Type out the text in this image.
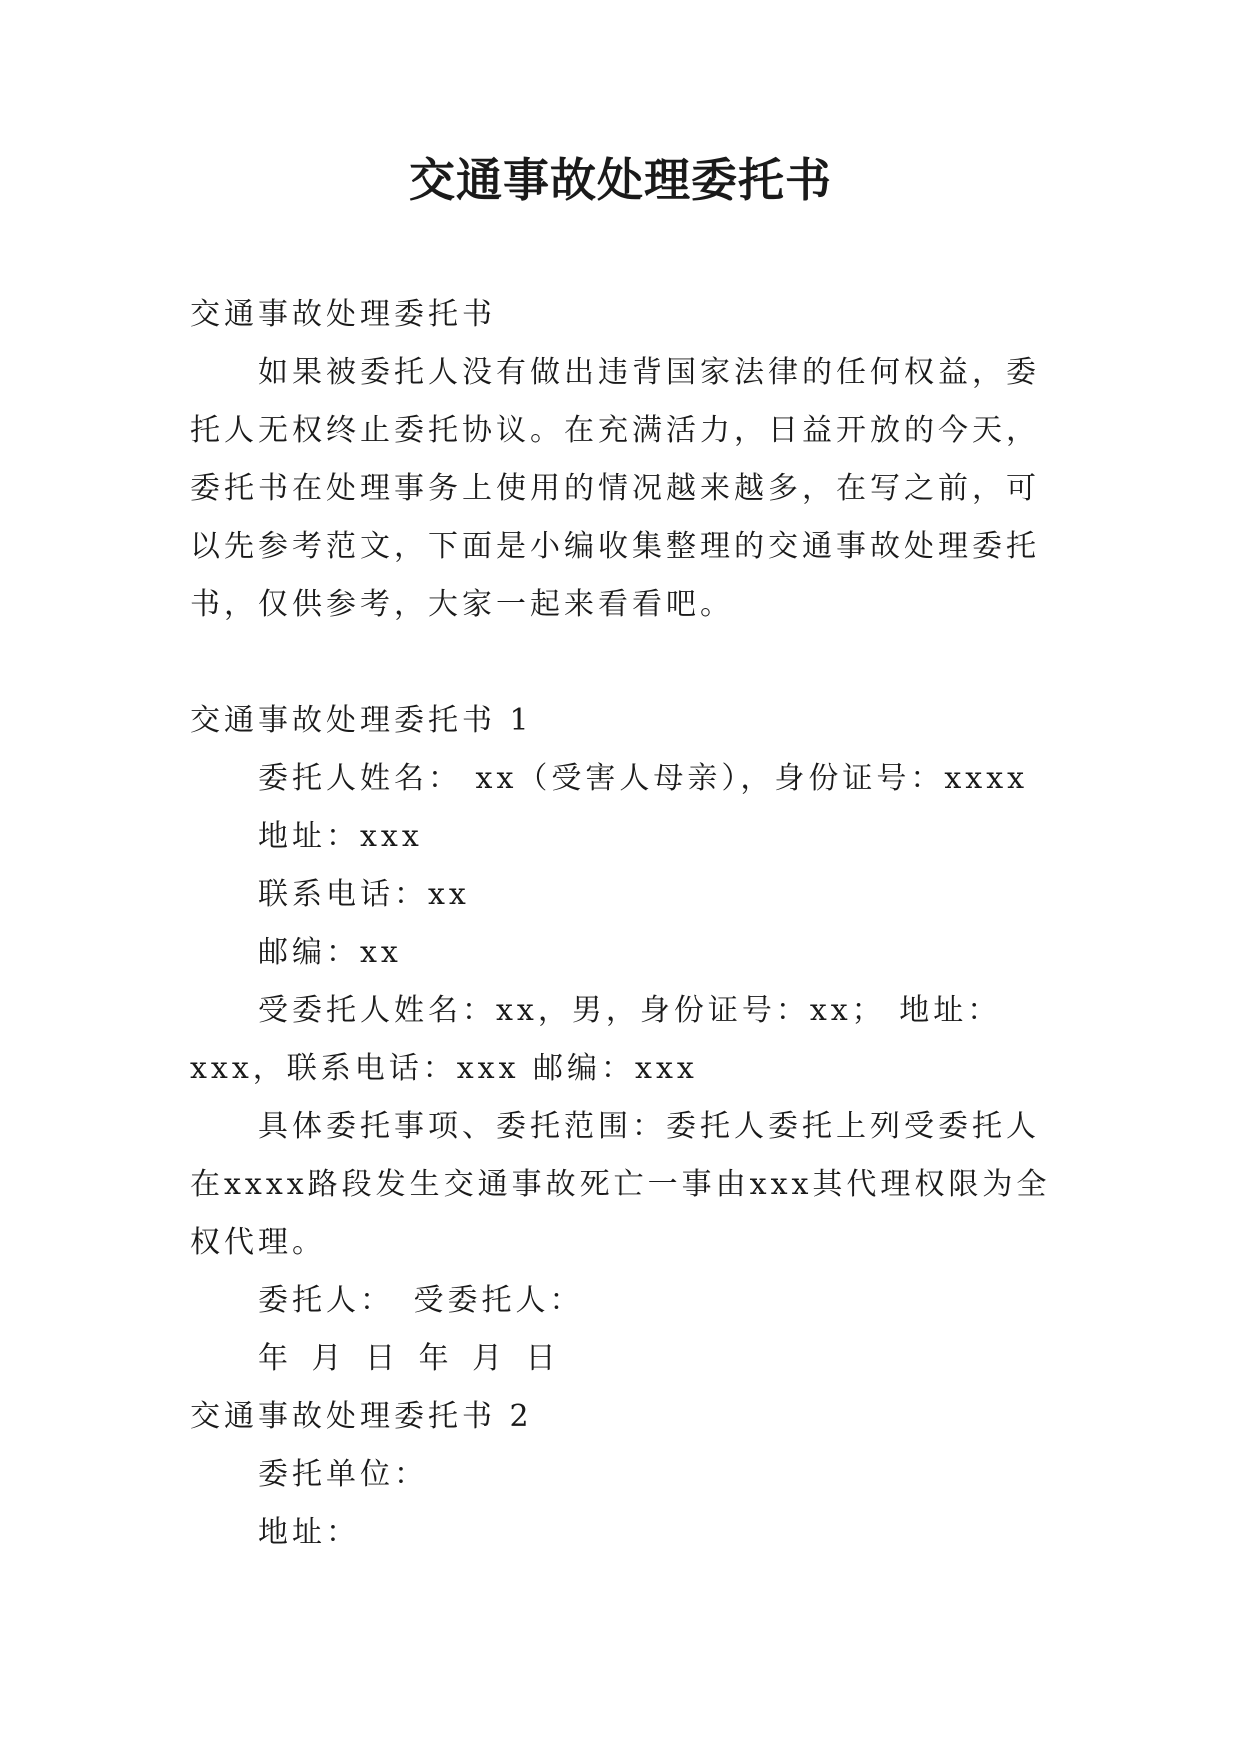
交通事故处理委托书

交通事故处理委托书

如果被委托人没有做出违背国家法律的任何权益，委托人无权终止委托协议。在充满活力，日益开放的今天，委托书在处理事务上使用的情况越来越多，在写之前，可以先参考范文，下面是小编收集整理的交通事故处理委托书，仅供参考，大家一起来看看吧。

交通事故处理委托书 1

委托人姓名： xx（受害人母亲），身份证号：xxxx

地址：xxx

联系电话：xx

邮编：xx

受委托人姓名：xx，男，身份证号：xx； 地址：xxx，联系电话：xxx 邮编：xxx

具体委托事项、委托范围：委托人委托上列受委托人在xxxx路段发生交通事故死亡一事由xxx其代理权限为全权代理。

委托人： 受委托人：

年 月 日 年 月 日

交通事故处理委托书 2

委托单位：

地址：
